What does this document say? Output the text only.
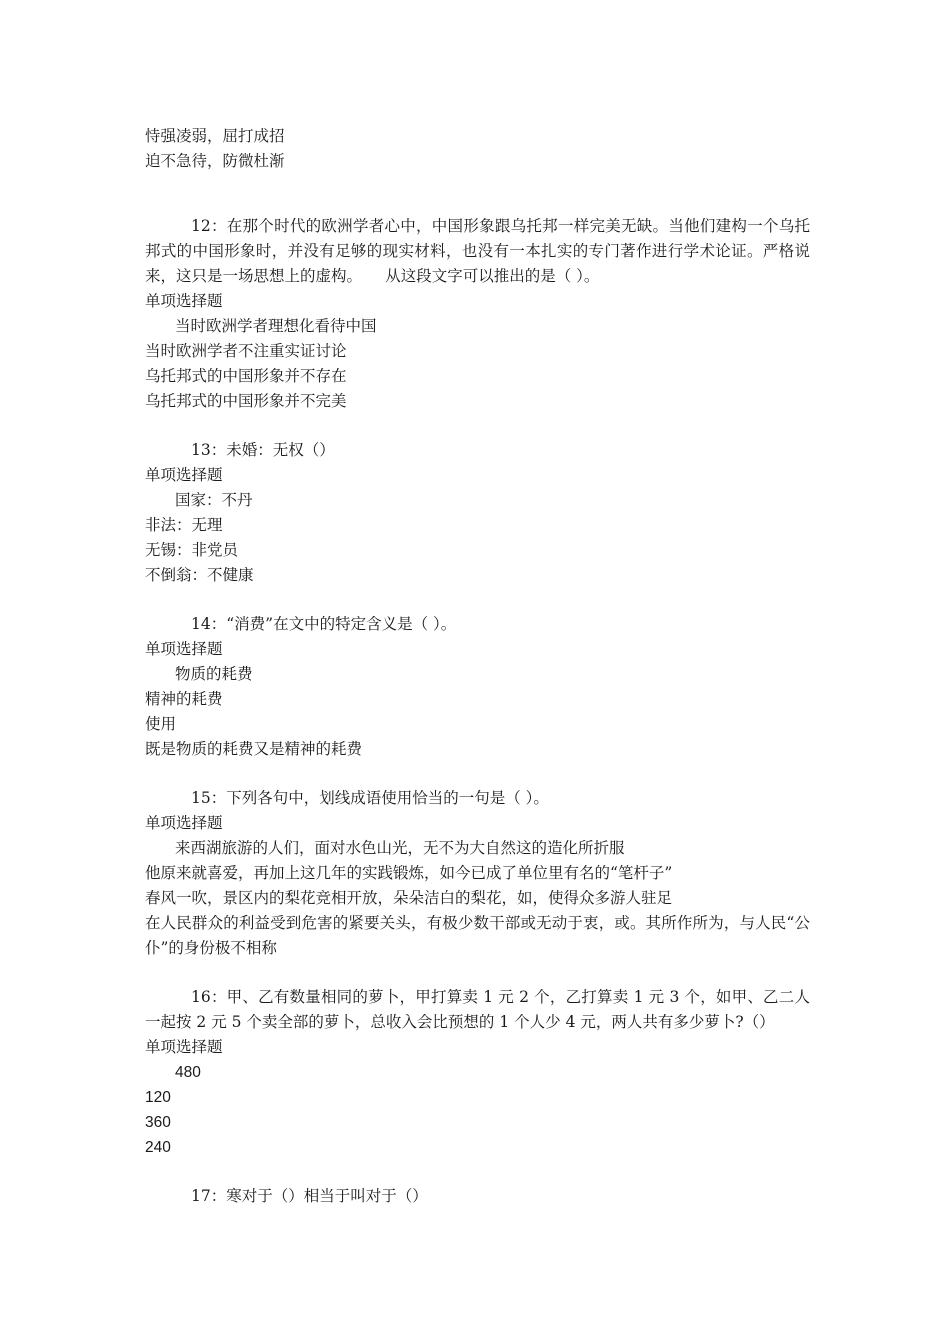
恃强凌弱，屈打成招
迫不急待，防微杜渐
12：在那个时代的欧洲学者心中，中国形象跟乌托邦一样完美无缺。当他们建构一个乌托邦式的中国形象时，并没有足够的现实材料，也没有一本扎实的专门著作进行学术论证。严格说来，这只是一场思想上的虚构。　　从这段文字可以推出的是（ ）。
单项选择题
当时欧洲学者理想化看待中国
当时欧洲学者不注重实证讨论
乌托邦式的中国形象并不存在
乌托邦式的中国形象并不完美
13：未婚：无权（）
单项选择题
国家：不丹
非法：无理
无锡：非党员
不倒翁：不健康
14：“消费”在文中的特定含义是（ ）。
单项选择题
物质的耗费
精神的耗费
使用
既是物质的耗费又是精神的耗费
15：下列各句中，划线成语使用恰当的一句是（ ）。
单项选择题
来西湖旅游的人们，面对水色山光，无不为大自然这的造化所折服
他原来就喜爱，再加上这几年的实践锻炼，如今已成了单位里有名的“笔杆子”
春风一吹，景区内的梨花竞相开放，朵朵洁白的梨花，如，使得众多游人驻足
在人民群众的利益受到危害的紧要关头，有极少数干部或无动于衷，或。其所作所为，与人民“公仆”的身份极不相称
16：甲、乙有数量相同的萝卜，甲打算卖 1 元 2 个，乙打算卖 1 元 3 个，如甲、乙二人一起按 2 元 5 个卖全部的萝卜，总收入会比预想的 1 个人少 4 元，两人共有多少萝卜?（）
单项选择题
480
120
360
240
17：寒对于（）相当于叫对于（）
